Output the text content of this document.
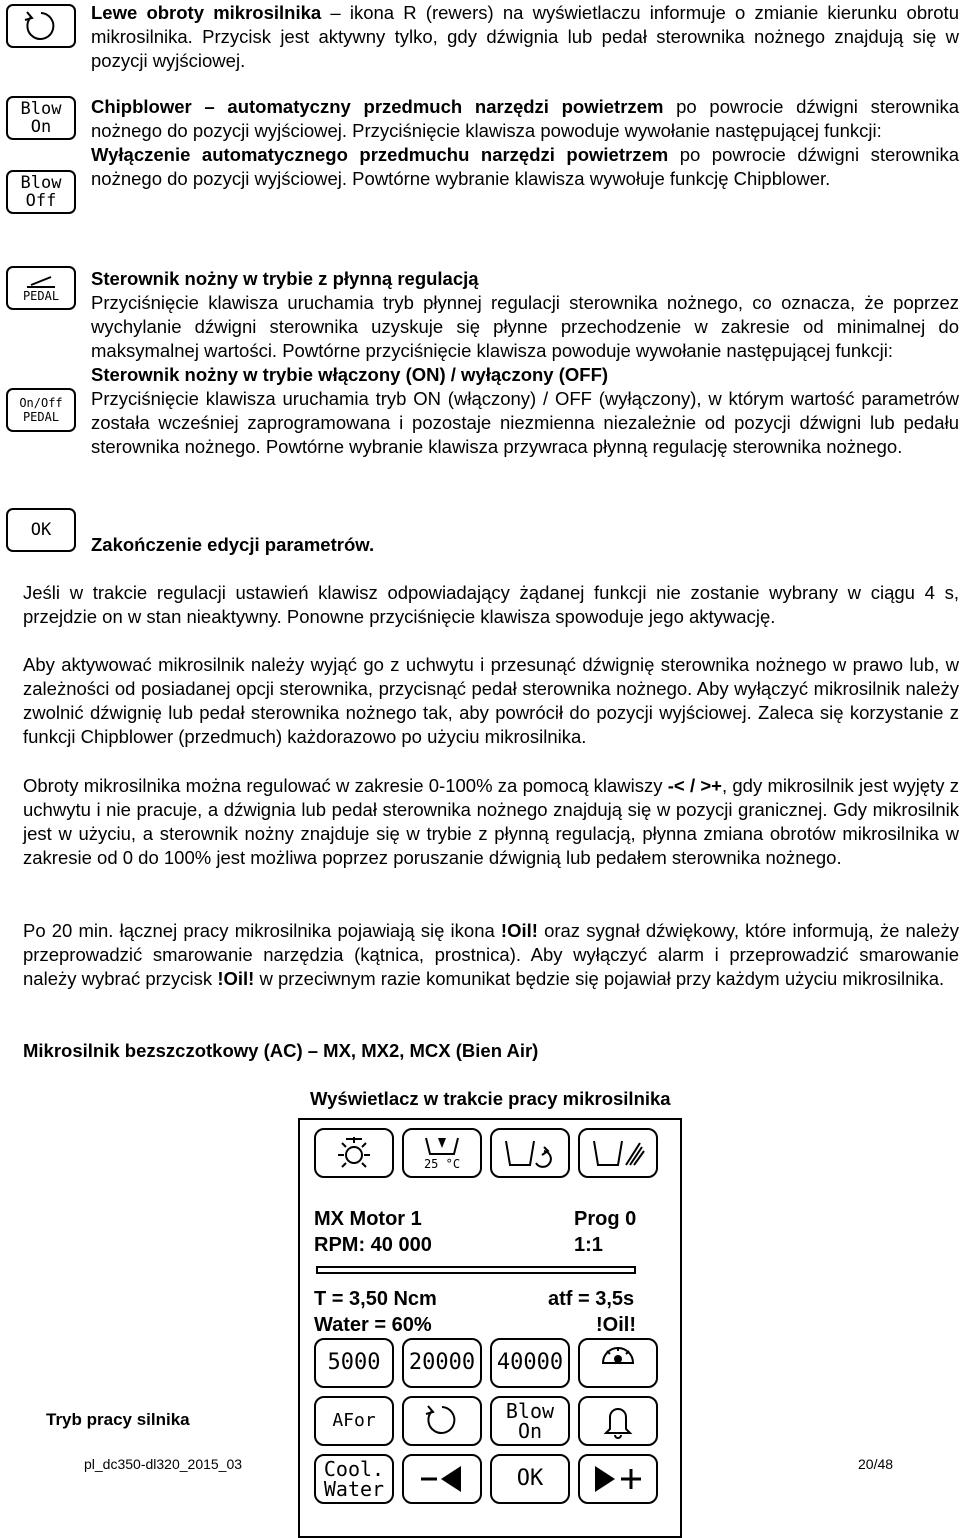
Blow
On
Blow
Off
PEDAL
On/Off
PEDAL
OK

Lewe obroty mikrosilnika – ikona R (rewers) na wyświetlaczu informuje o zmianie kierunku obrotu mikrosilnika. Przycisk jest aktywny tylko, gdy dźwignia lub pedał sterownika nożnego znajdują się w pozycji wyjściowej.

Chipblower – automatyczny przedmuch narzędzi powietrzem po powrocie dźwigni sterownika nożnego do pozycji wyjściowej. Przyciśnięcie klawisza powoduje wywołanie następującej funkcji:

Wyłączenie automatycznego przedmuchu narzędzi powietrzem po powrocie dźwigni sterownika nożnego do pozycji wyjściowej. Powtórne wybranie klawisza wywołuje funkcję Chipblower.

Sterownik nożny w trybie z płynną regulacją

Przyciśnięcie klawisza uruchamia tryb płynnej regulacji sterownika nożnego, co oznacza, że poprzez wychylanie dźwigni sterownika uzyskuje się płynne przechodzenie w zakresie od minimalnej do maksymalnej wartości. Powtórne przyciśnięcie klawisza powoduje wywołanie następującej funkcji:

Sterownik nożny w trybie włączony (ON) / wyłączony (OFF)

Przyciśnięcie klawisza uruchamia tryb ON (włączony) / OFF (wyłączony), w którym wartość parametrów została wcześniej zaprogramowana i pozostaje niezmienna niezależnie od pozycji dźwigni lub pedału sterownika nożnego. Powtórne wybranie klawisza przywraca płynną regulację sterownika nożnego.

Zakończenie edycji parametrów.

Jeśli w trakcie regulacji ustawień klawisz odpowiadający żądanej funkcji nie zostanie wybrany w ciągu 4 s, przejdzie on w stan nieaktywny. Ponowne przyciśnięcie klawisza spowoduje jego aktywację.

Aby aktywować mikrosilnik należy wyjąć go z uchwytu i przesunąć dźwignię sterownika nożnego w prawo lub, w zależności od posiadanej opcji sterownika, przycisnąć pedał sterownika nożnego. Aby wyłączyć mikrosilnik należy zwolnić dźwignię lub pedał sterownika nożnego tak, aby powrócił do pozycji wyjściowej. Zaleca się korzystanie z funkcji Chipblower (przedmuch) każdorazowo po użyciu mikrosilnika.

Obroty mikrosilnika można regulować w zakresie 0-100% za pomocą klawiszy -< / >+, gdy mikrosilnik jest wyjęty z uchwytu i nie pracuje, a dźwignia lub pedał sterownika nożnego znajdują się w pozycji granicznej. Gdy mikrosilnik jest w użyciu, a sterownik nożny znajduje się w trybie z płynną regulacją, płynna zmiana obrotów mikrosilnika w zakresie od 0 do 100% jest możliwa poprzez poruszanie dźwignią lub pedałem sterownika nożnego.

Po 20 min. łącznej pracy mikrosilnika pojawiają się ikona !Oil! oraz sygnał dźwiękowy, które informują, że należy przeprowadzić smarowanie narzędzia (kątnica, prostnica). Aby wyłączyć alarm i przeprowadzić smarowanie należy wybrać przycisk !Oil! w przeciwnym razie komunikat będzie się pojawiał przy każdym użyciu mikrosilnika.

Mikrosilnik bezszczotkowy (AC) – MX, MX2, MCX (Bien Air)
Wyświetlacz w trakcie pracy mikrosilnika
Tryb pracy silnika
25 °C
MX Motor 1	Prog 0
RPM: 40 000	1:1
T = 3,50 Ncm	atf = 3,5s
Water = 60%	!Oil!
5000 20000 40000
AFor	Blow
On
Cool.
Water	OK
pl_dc350-dl320_2015_03	20/48
